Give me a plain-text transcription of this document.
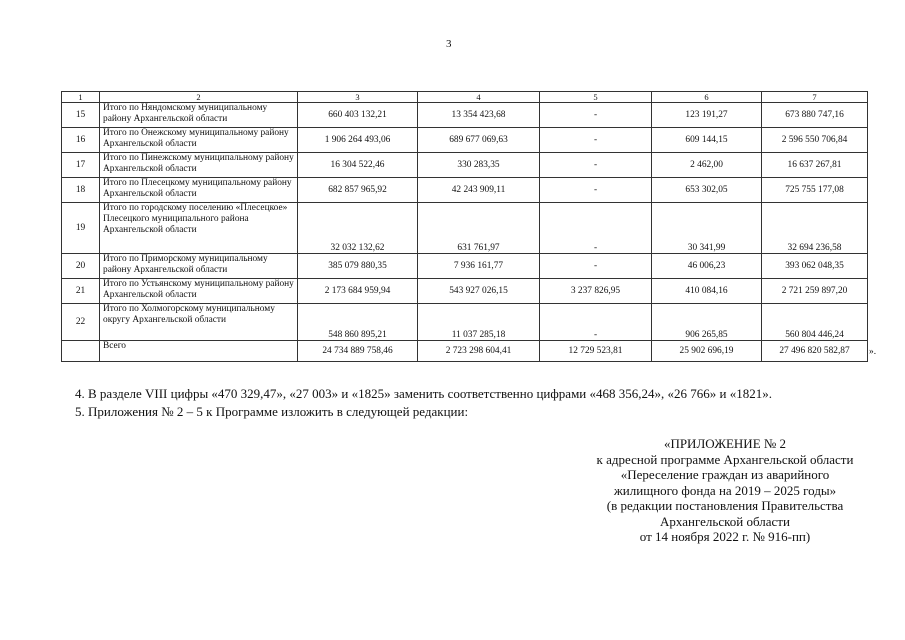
3
1	2	3	4	5	6	7
15	Итого по Няндомскому муниципальному району Архангельской области	660 403 132,21	13 354 423,68	-	123 191,27	673 880 747,16
16	Итого по Онежскому муниципальному району Архангельской области	1 906 264 493,06	689 677 069,63	-	609 144,15	2 596 550 706,84
17	Итого по Пинежскому муниципальному району Архангельской области	16 304 522,46	330 283,35	-	2 462,00	16 637 267,81
18	Итого по Плесецкому муниципальному району Архангельской области	682 857 965,92	42 243 909,11	-	653 302,05	725 755 177,08
19	Итого по городскому поселению «Плесецкое» Плесецкого муниципального района Архангельской области	32 032 132,62	631 761,97	-	30 341,99	32 694 236,58
20	Итого по Приморскому муниципальному району Архангельской области	385 079 880,35	7 936 161,77	-	46 006,23	393 062 048,35
21	Итого по Устьянскому муниципальному району Архангельской области	2 173 684 959,94	543 927 026,15	3 237 826,95	410 084,16	2 721 259 897,20
22	Итого по Холмогорскому муниципальному округу Архангельской области	548 860 895,21	11 037 285,18	-	906 265,85	560 804 446,24
	Всего	24 734 889 758,46	2 723 298 604,41	12 729 523,81	25 902 696,19	27 496 820 582,87 ».
4. В разделе VIII цифры «470 329,47», «27 003» и «1825» заменить соответственно цифрами «468 356,24», «26 766» и «1821».
5. Приложения № 2 – 5 к Программе изложить в следующей редакции:
«ПРИЛОЖЕНИЕ № 2
к адресной программе Архангельской области
«Переселение граждан из аварийного
жилищного фонда на 2019 – 2025 годы»
(в редакции постановления Правительства
Архангельской области
от 14 ноября 2022 г. № 916-пп)
